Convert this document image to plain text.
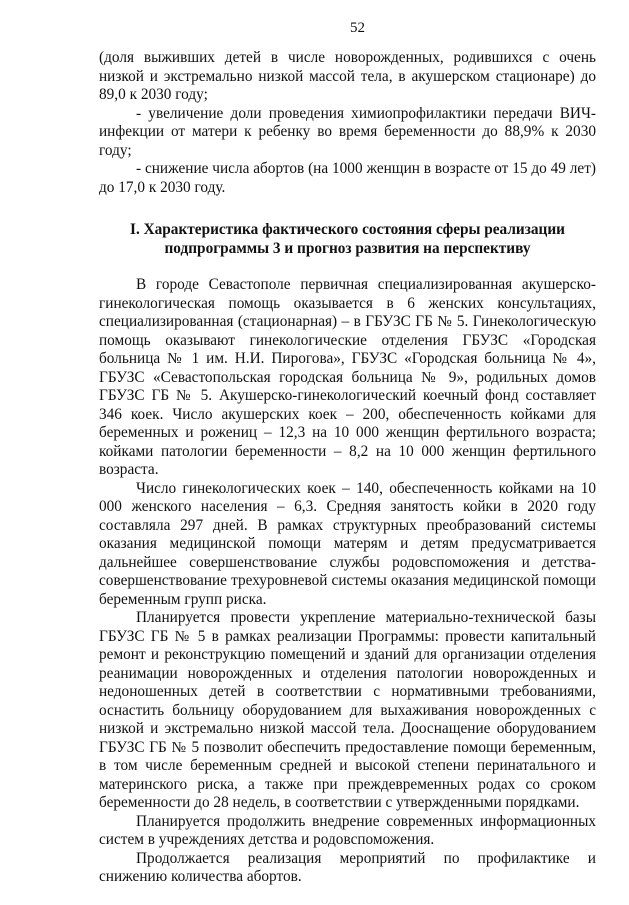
52

(доля выживших детей в числе новорожденных, родившихся с очень низкой и экстремально низкой массой тела, в акушерском стационаре) до 89,0 к 2030 году;

- увеличение доли проведения химиопрофилактики передачи ВИЧ-инфекции от матери к ребенку во время беременности до 88,9% к 2030 году;

- снижение числа абортов (на 1000 женщин в возрасте от 15 до 49 лет) до 17,0 к 2030 году.

I. Характеристика фактического состояния сферы реализации
подпрограммы 3 и прогноз развития на перспективу

В городе Севастополе первичная специализированная акушерско-гинекологическая помощь оказывается в 6 женских консультациях, специализированная (стационарная) – в ГБУЗС ГБ № 5. Гинекологическую помощь оказывают гинекологические отделения ГБУЗС «Городская больница № 1 им. Н.И. Пирогова», ГБУЗС «Городская больница № 4», ГБУЗС «Севастопольская городская больница № 9», родильных домов ГБУЗС ГБ № 5. Акушерско-гинекологический коечный фонд составляет 346 коек. Число акушерских коек – 200, обеспеченность койками для беременных и рожениц – 12,3 на 10 000 женщин фертильного возраста; койками патологии беременности – 8,2 на 10 000 женщин фертильного возраста.

Число гинекологических коек – 140, обеспеченность койками на 10 000 женского населения – 6,3. Средняя занятость койки в 2020 году составляла 297 дней. В рамках структурных преобразований системы оказания медицинской помощи матерям и детям предусматривается дальнейшее совершенствование службы родовспоможения и детства-совершенствование трехуровневой системы оказания медицинской помощи беременным групп риска.

Планируется провести укрепление материально-технической базы ГБУЗС ГБ № 5 в рамках реализации Программы: провести капитальный ремонт и реконструкцию помещений и зданий для организации отделения реанимации новорожденных и отделения патологии новорожденных и недоношенных детей в соответствии с нормативными требованиями, оснастить больницу оборудованием для выхаживания новорожденных с низкой и экстремально низкой массой тела. Дооснащение оборудованием ГБУЗС ГБ № 5 позволит обеспечить предоставление помощи беременным, в том числе беременным средней и высокой степени перинатального и материнского риска, а также при преждевременных родах со сроком беременности до 28 недель, в соответствии с утвержденными порядками.

Планируется продолжить внедрение современных информационных систем в учреждениях детства и родовспоможения.

Продолжается реализация мероприятий по профилактике и снижению количества абортов.
